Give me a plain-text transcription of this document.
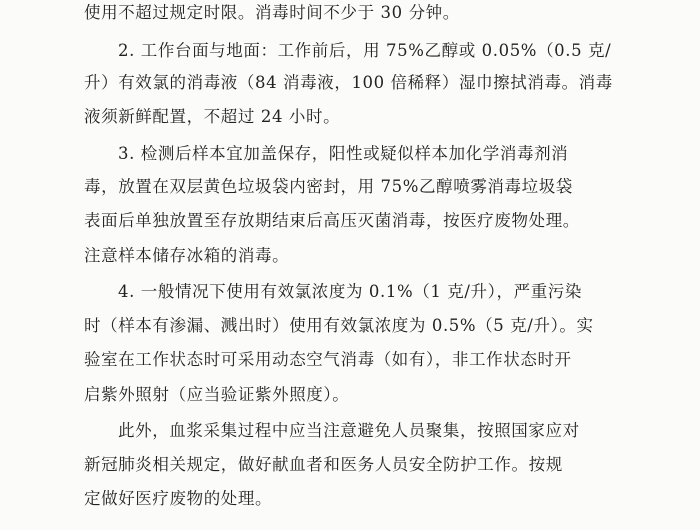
使用不超过规定时限。消毒时间不少于 30 分钟。
2. 工作台面与地面：工作前后，用 75%乙醇或 0.05%（0.5 克/
升）有效氯的消毒液（84 消毒液，100 倍稀释）湿巾擦拭消毒。消毒
液须新鲜配置，不超过 24 小时。
3. 检测后样本宜加盖保存，阳性或疑似样本加化学消毒剂消
毒，放置在双层黄色垃圾袋内密封，用 75%乙醇喷雾消毒垃圾袋
表面后单独放置至存放期结束后高压灭菌消毒，按医疗废物处理。
注意样本储存冰箱的消毒。
4. 一般情况下使用有效氯浓度为 0.1%（1 克/升），严重污染
时（样本有渗漏、溅出时）使用有效氯浓度为 0.5%（5 克/升）。实
验室在工作状态时可采用动态空气消毒（如有），非工作状态时开
启紫外照射（应当验证紫外照度）。
此外，血浆采集过程中应当注意避免人员聚集，按照国家应对
新冠肺炎相关规定，做好献血者和医务人员安全防护工作。按规
定做好医疗废物的处理。
